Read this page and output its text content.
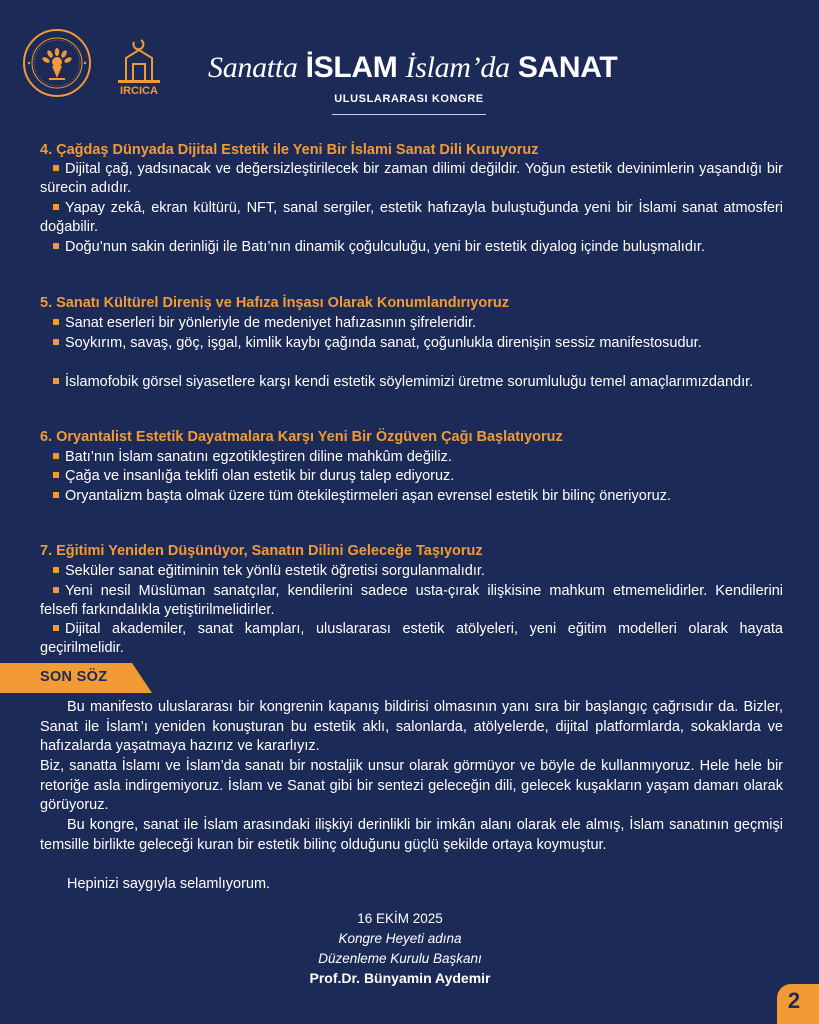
IRCICA
Sanatta İSLAM İslam’da SANAT
ULUSLARARASI KONGRE
4. Çağdaş Dünyada Dijital Estetik ile Yeni Bir İslami Sanat Dili Kuruyoruz
Dijital çağ, yadsınacak ve değersizleştirilecek bir zaman dilimi değildir. Yoğun estetik devinimlerin yaşandığı bir sürecin adıdır.
Yapay zekâ, ekran kültürü, NFT, sanal sergiler, estetik hafızayla buluştuğunda yeni bir İslami sanat atmosferi doğabilir.
Doğu’nun sakin derinliği ile Batı’nın dinamik çoğulculuğu, yeni bir estetik diyalog içinde buluşmalıdır.
5. Sanatı Kültürel Direniş ve Hafıza İnşası Olarak Konumlandırıyoruz
Sanat eserleri bir yönleriyle de medeniyet hafızasının şifreleridir.
Soykırım, savaş, göç, işgal, kimlik kaybı çağında sanat, çoğunlukla direnişin sessiz manifestosudur.
İslamofobik görsel siyasetlere karşı kendi estetik söylemimizi üretme sorumluluğu temel amaçlarımızdandır.
6. Oryantalist Estetik Dayatmalara Karşı Yeni Bir Özgüven Çağı Başlatıyoruz
Batı’nın İslam sanatını egzotikleştiren diline mahkûm değiliz.
Çağa ve insanlığa teklifi olan estetik bir duruş talep ediyoruz.
Oryantalizm başta olmak üzere tüm ötekileştirmeleri aşan evrensel estetik bir bilinç öneriyoruz.
7. Eğitimi Yeniden Düşünüyor, Sanatın Dilini Geleceğe Taşıyoruz
Seküler sanat eğitiminin tek yönlü estetik öğretisi sorgulanmalıdır.
Yeni nesil Müslüman sanatçılar, kendilerini sadece usta-çırak ilişkisine mahkum etmemelidirler. Kendilerini felsefi farkındalıkla yetiştirilmelidirler.
Dijital akademiler, sanat kampları, uluslararası estetik atölyeleri, yeni eğitim modelleri olarak hayata geçirilmelidir.
SON SÖZ
Bu manifesto uluslararası bir kongrenin kapanış bildirisi olmasının yanı sıra bir başlangıç çağrısıdır da. Bizler, Sanat ile İslam’ı yeniden konuşturan bu estetik aklı, salonlarda, atölyelerde, dijital platformlarda, sokaklarda ve hafızalarda yaşatmaya hazırız ve kararlıyız.
Biz, sanatta İslamı ve İslam’da sanatı bir nostaljik unsur olarak görmüyor ve böyle de kullanmıyoruz. Hele hele bir retoriğe asla indirgemiyoruz. İslam ve Sanat gibi bir sentezi geleceğin dili, gelecek kuşakların yaşam damarı olarak görüyoruz.
Bu kongre, sanat ile İslam arasındaki ilişkiyi derinlikli bir imkân alanı olarak ele almış, İslam sanatının geçmişi temsille birlikte geleceği kuran bir estetik bilinç olduğunu güçlü şekilde ortaya koymuştur.
Hepinizi saygıyla selamlıyorum.
16 EKİM 2025
Kongre Heyeti adına
Düzenleme Kurulu Başkanı
Prof.Dr. Bünyamin Aydemir
2
